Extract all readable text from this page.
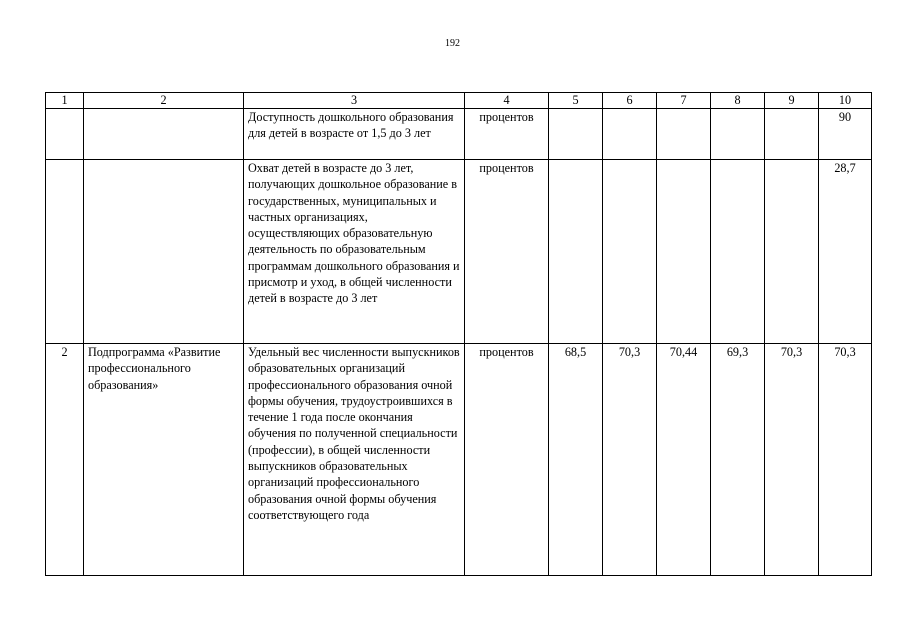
192
1	2	3	4	5	6	7	8	9	10
		Доступность дошкольного образования для детей в возрасте от 1,5 до 3 лет	процентов						90
		Охват детей в возрасте до 3 лет, получающих дошкольное образование в государственных, муниципальных и частных организациях, осуществляющих образовательную деятельность по образовательным программам дошкольного образования и присмотр и уход, в общей численности детей в возрасте до 3 лет	процентов						28,7
2	Подпрограмма «Развитие профессионального образования»	Удельный вес численности выпускников образовательных организаций профессионального образования очной формы обучения, трудоустроившихся в течение 1 года после окончания обучения по полученной специальности (профессии), в общей численности выпускников образовательных организаций профессионального образования очной формы обучения соответствующего года	процентов	68,5	70,3	70,44	69,3	70,3	70,3
